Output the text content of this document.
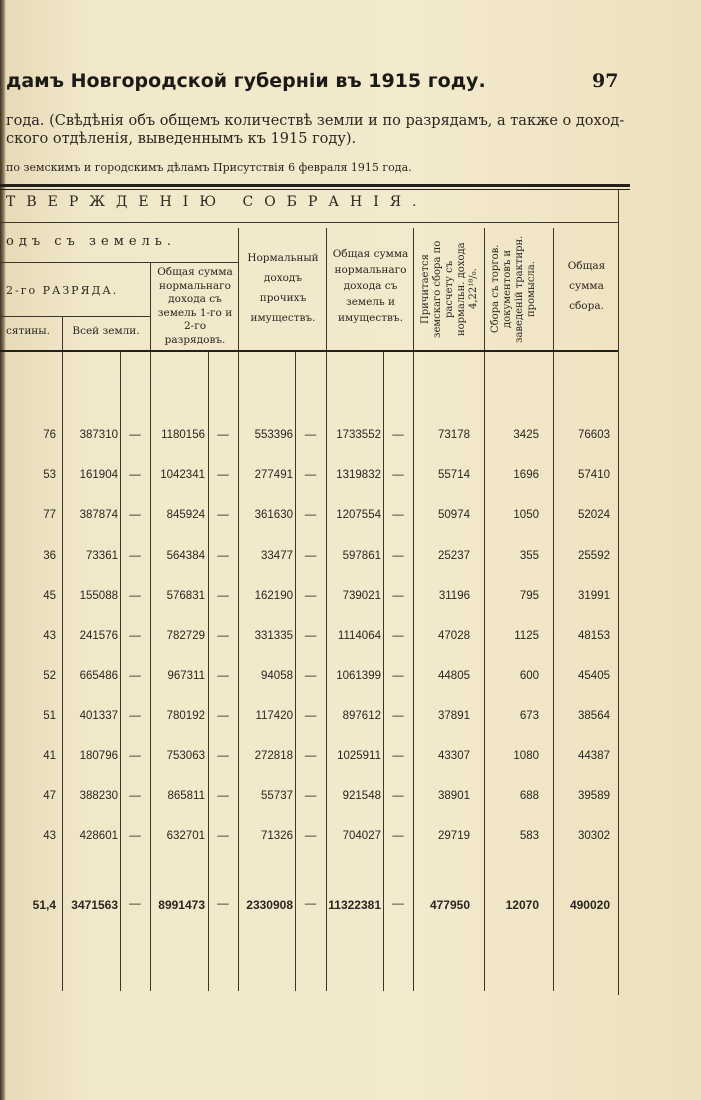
дамъ Новгородской губерніи въ 1915 году.	97
года. (Свѣдѣнія объ общемъ количествѣ земли и по разрядамъ, а также о доход- ского отдѣленія, выведеннымъ къ 1915 году).
по земскимъ и городскимъ дѣламъ Присутствія 6 февраля 1915 года.
ТВЕРЖДЕНІЮ СОБРАНІЯ.
одъ съ земель.
2-го РАЗРЯДА.
сятины.	Всей земли.
Общая сумма нормальнаго дохода съ земель 1-го и 2-го разрядовъ.
Нормальный доходъ прочихъ имуществъ.
Общая сумма нормальнаго дохода съ земель и имуществъ.	Причитается земскаго сбора по расчету съ нормальн. дохода 4,22¹⁸/₀. Сбора съ торгов. документовъ и заведеній трактирн. промысла.	Общая сумма сбора.
76	387310 —	1180156	—	553396	—	1733552 —	73178	3425	76603
53	161904 —	1042341	—	277491	—	1319832 —	55714	1696	57410
77	387874 —	845924	—	361630	—	1207554 —	50974	1050	52024
36	73361 —	564384	—	33477	—	597861 —	25237	355	25592
45	155088 —	576831	—	162190	—	739021 —	31196	795	31991
43	241576 —	782729	—	331335	—	1114064 —	47028	1125	48153
52	665486 —	967311	—	94058	—	1061399 —	44805	600	45405
51	401337 —	780192	—	117420	—	897612 —	37891	673	38564
41	180796 —	753063	—	272818	—	1025911 —	43307	1080	44387
47	388230 —	865811	—	55737	—	921548 —	38901	688	39589
43	428601 —	632701	—	71326	—	704027 —	29719	583	30302
51,4	3471563 —	8991473	—	2330908	—	11322381 —	477950	12070	490020
